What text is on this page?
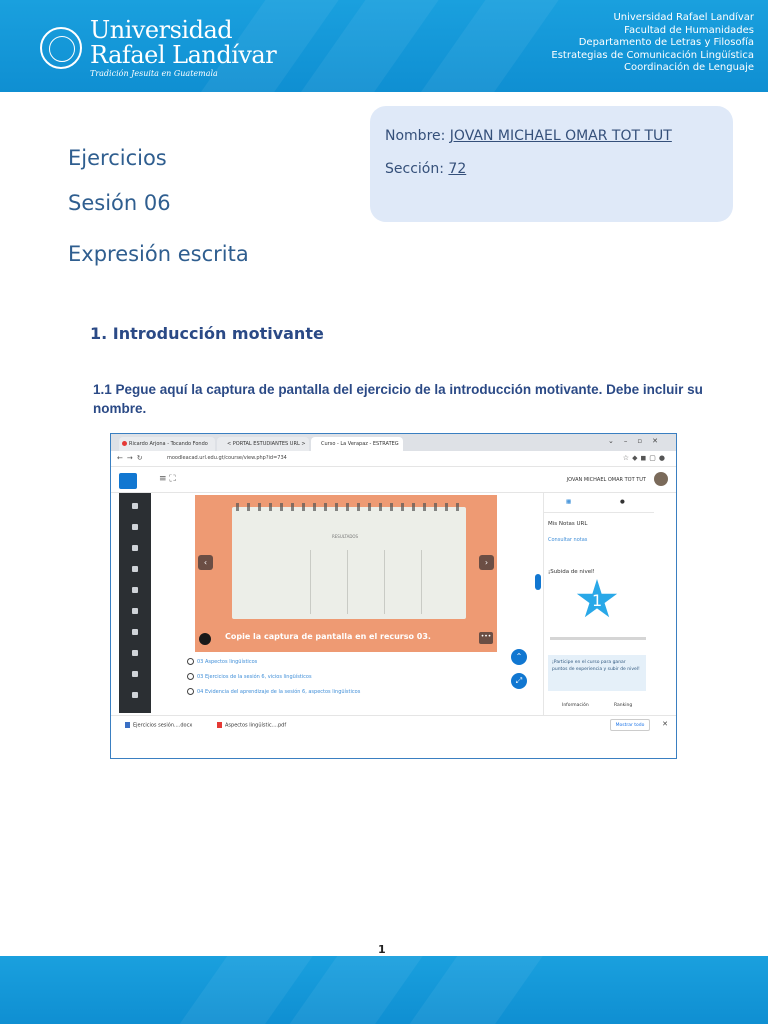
Universidad
Rafael Landívar
Tradición Jesuita en Guatemala
Universidad Rafael Landívar
Facultad de Humanidades
Departamento de Letras y Filosofía
Estrategias de Comunicación Lingüística
Coordinación de Lenguaje
Ejercicios
Sesión 06
Expresión escrita
Nombre: JOVAN MICHAEL OMAR TOT TUT
Sección: 72
1. Introducción motivante
1.1 Pegue aquí la captura de pantalla del ejercicio de la introducción motivante. Debe incluir su nombre.
Ricardo Arjona - Tocando Fondo	< PORTAL ESTUDIANTES URL >	Curso - La Verapaz - ESTRATEG	⌄–▫✕
←→↻	moodleacad.url.edu.gt/course/view.php?id=734	☆◆◼▢●
≡ ⛶	JOVAN MICHAEL OMAR TOT TUT
RESULTADOS
‹	›
Copie la captura de pantalla en el recurso 03.	•••
03 Aspectos lingüísticos
03 Ejercicios de la sesión 6, vicios lingüísticos
04 Evidencia del aprendizaje de la sesión 6, aspectos lingüísticos
⌃
⤢
▦	●
Mis Notas URL
Consultar notas
¡Subida de nivel!
1
¡Participe en el curso para ganar puntos de experiencia y subir de nivel!
Información	Ranking
Ejercicios sesión....docx	Aspectos lingüístic....pdf	Mostrar todo	✕
1
